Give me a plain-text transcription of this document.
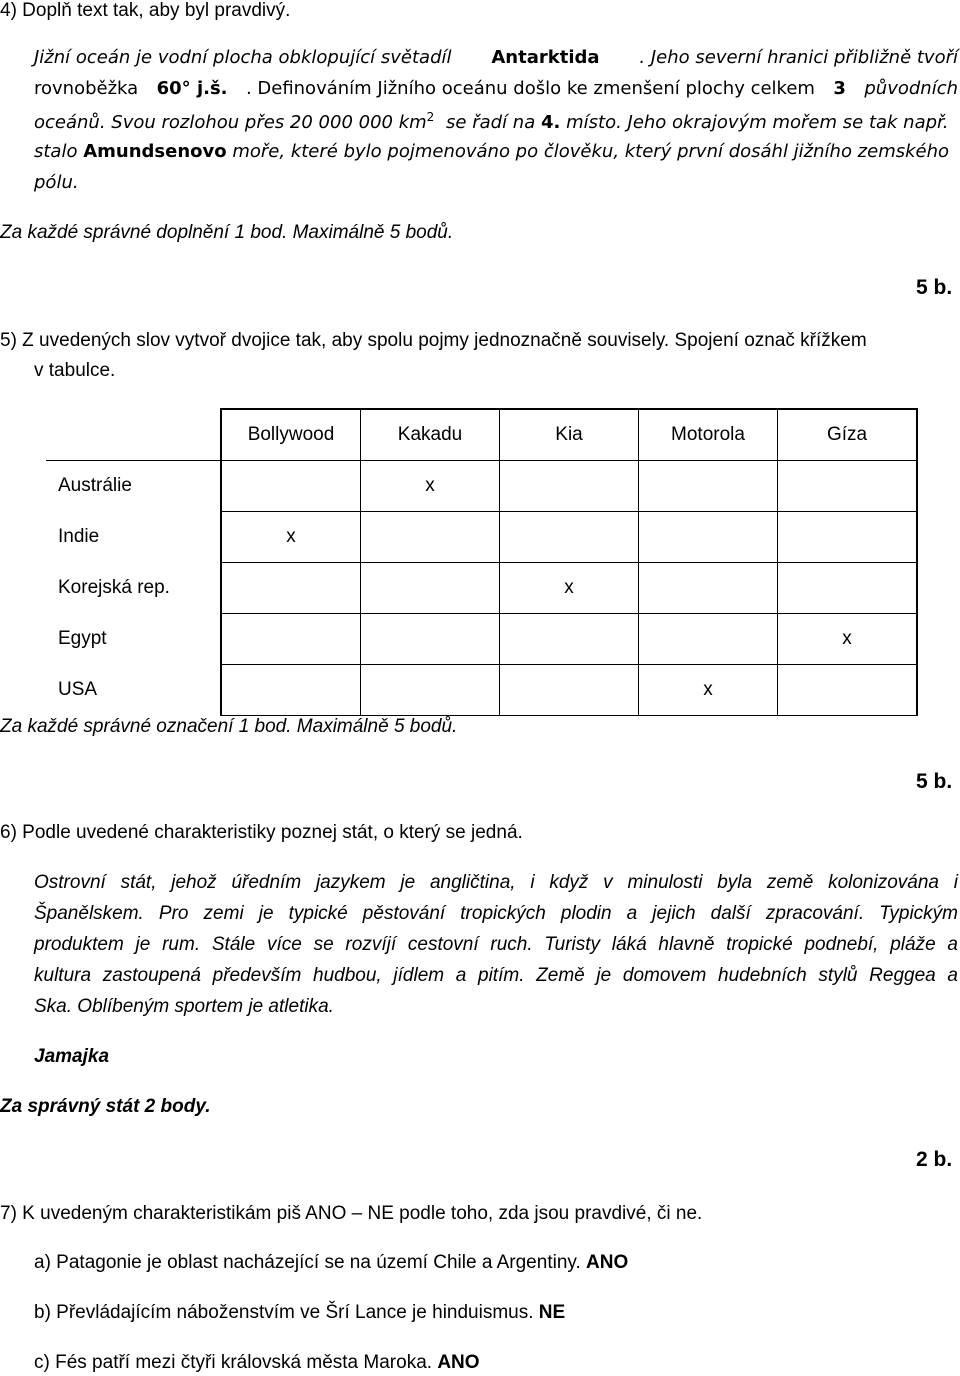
4) Doplň text tak, aby byl pravdivý.
Jižní oceán je vodní plocha obklopující světadíl Antarktida . Jeho severní hranici přibližně tvoří
rovnoběžka 60° j.š. . Definováním Jižního oceánu došlo ke zmenšení plochy celkem 3 původních
oceánů. Svou rozlohou přes 20 000 000 $km^2$ se řadí na 4. místo. Jeho okrajovým mořem se tak např.
stalo Amundsenovo moře, které bylo pojmenováno po člověku, který první dosáhl jižního zemského
pólu.
Za každé správné doplnění 1 bod. Maximálně 5 bodů.
5 b.
5) Z uvedených slov vytvoř dvojice tak, aby spolu pojmy jednoznačně souvisely. Spojení označ křížkem
v tabulce.
	Bollywood	Kakadu	Kia	Motorola	Gíza
Austrálie		x			
Indie	x				
Korejská rep.			x		
Egypt					x
USA				x	
Za každé správné označení 1 bod. Maximálně 5 bodů.
5 b.
6) Podle uvedené charakteristiky poznej stát, o který se jedná.
Ostrovní stát, jehož úředním jazykem je angličtina, i když v minulosti byla země kolonizována i
Španělskem. Pro zemi je typické pěstování tropických plodin a jejich další zpracování. Typickým
produktem je rum. Stále více se rozvíjí cestovní ruch. Turisty láká hlavně tropické podnebí, pláže a
kultura zastoupená především hudbou, jídlem a pitím. Země je domovem hudebních stylů Reggea a
Ska. Oblíbeným sportem je atletika.
Jamajka
Za správný stát 2 body.
2 b.
7) K uvedeným charakteristikám piš ANO – NE podle toho, zda jsou pravdivé, či ne.
a) Patagonie je oblast nacházející se na území Chile a Argentiny. ANO
b) Převládajícím náboženstvím ve Šrí Lance je hinduismus. NE
c) Fés patří mezi čtyři královská města Maroka. ANO
